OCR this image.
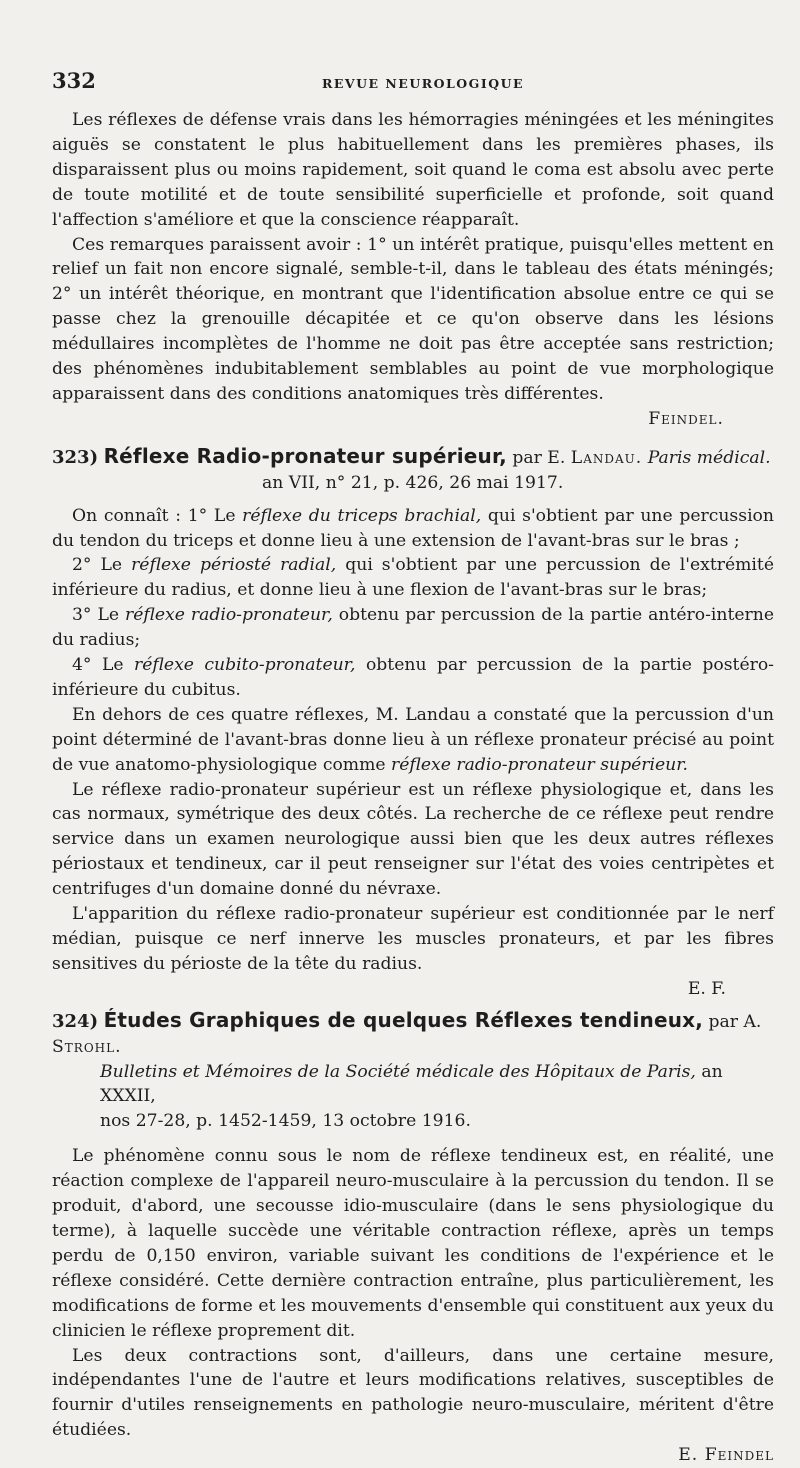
332	REVUE NEUROLOGIQUE

Les réflexes de défense vrais dans les hémorragies méningées et les méningites aiguës se constatent le plus habituellement dans les premières phases, ils disparaissent plus ou moins rapidement, soit quand le coma est absolu avec perte de toute motilité et de toute sensibilité superficielle et profonde, soit quand l'affection s'améliore et que la conscience réapparaît.

Ces remarques paraissent avoir : 1° un intérêt pratique, puisqu'elles mettent en relief un fait non encore signalé, semble-t-il, dans le tableau des états méningés; 2° un intérêt théorique, en montrant que l'identification absolue entre ce qui se passe chez la grenouille décapitée et ce qu'on observe dans les lésions médullaires incomplètes de l'homme ne doit pas être acceptée sans restriction; des phénomènes indubitablement semblables au point de vue morphologique apparaissent dans des conditions anatomiques très différentes.

Feindel.
323) Réflexe Radio-pronateur supérieur, par E. Landau. Paris médical.
an VII, n° 21, p. 426, 26 mai 1917.

On connaît : 1° Le réflexe du triceps brachial, qui s'obtient par une percussion du tendon du triceps et donne lieu à une extension de l'avant-bras sur le bras ;

2° Le réflexe périosté radial, qui s'obtient par une percussion de l'extrémité inférieure du radius, et donne lieu à une flexion de l'avant-bras sur le bras;

3° Le réflexe radio-pronateur, obtenu par percussion de la partie antéro-interne du radius;

4° Le réflexe cubito-pronateur, obtenu par percussion de la partie postéro-inférieure du cubitus.

En dehors de ces quatre réflexes, M. Landau a constaté que la percussion d'un point déterminé de l'avant-bras donne lieu à un réflexe pronateur précisé au point de vue anatomo-physiologique comme réflexe radio-pronateur supérieur.

Le réflexe radio-pronateur supérieur est un réflexe physiologique et, dans les cas normaux, symétrique des deux côtés. La recherche de ce réflexe peut rendre service dans un examen neurologique aussi bien que les deux autres réflexes périostaux et tendineux, car il peut renseigner sur l'état des voies centripètes et centrifuges d'un domaine donné du névraxe.

L'apparition du réflexe radio-pronateur supérieur est conditionnée par le nerf médian, puisque ce nerf innerve les muscles pronateurs, et par les fibres sensitives du périoste de la tête du radius.

E. F.
324) Études Graphiques de quelques Réflexes tendineux, par A. Strohl.
Bulletins et Mémoires de la Société médicale des Hôpitaux de Paris, an XXXII,
nos 27-28, p. 1452-1459, 13 octobre 1916.

Le phénomène connu sous le nom de réflexe tendineux est, en réalité, une réaction complexe de l'appareil neuro-musculaire à la percussion du tendon. Il se produit, d'abord, une secousse idio-musculaire (dans le sens physiologique du terme), à laquelle succède une véritable contraction réflexe, après un temps perdu de 0,150 environ, variable suivant les conditions de l'expérience et le réflexe considéré. Cette dernière contraction entraîne, plus particulièrement, les modifications de forme et les mouvements d'ensemble qui constituent aux yeux du clinicien le réflexe proprement dit.

Les deux contractions sont, d'ailleurs, dans une certaine mesure, indépendantes l'une de l'autre et leurs modifications relatives, susceptibles de fournir d'utiles renseignements en pathologie neuro-musculaire, méritent d'être étudiées.

E. Feindel
